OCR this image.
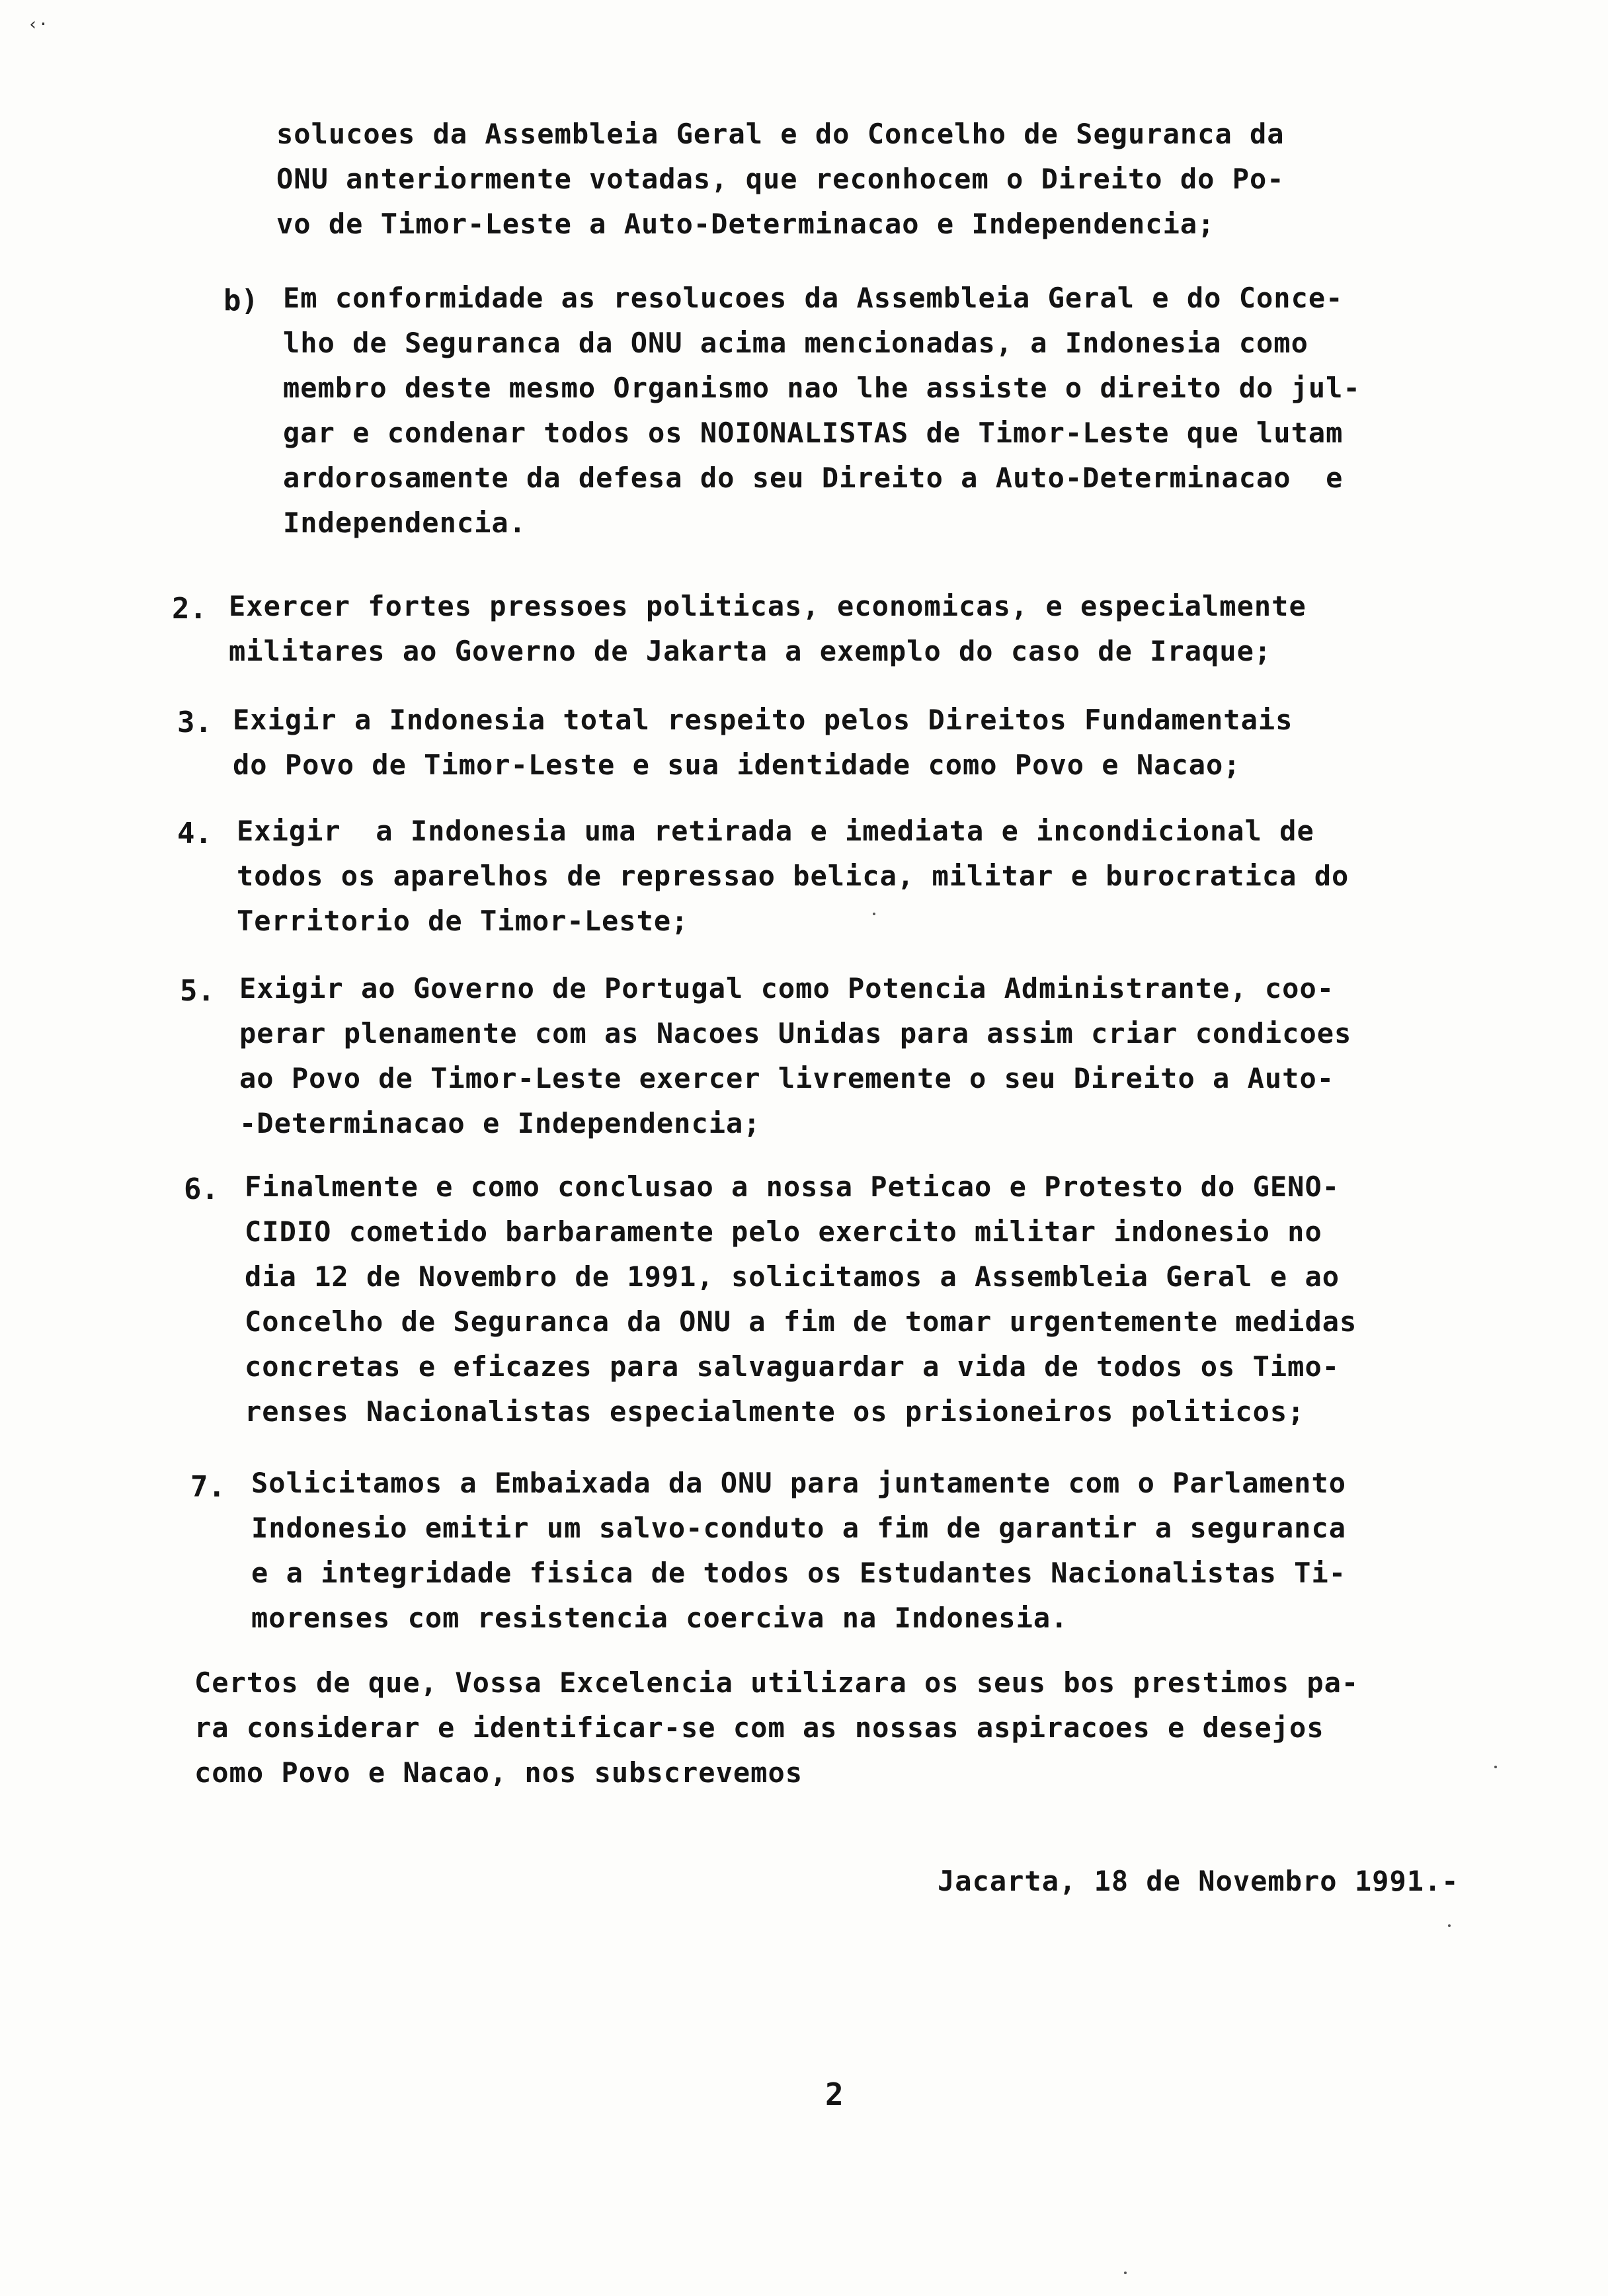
‹·
solucoes da Assembleia Geral e do Concelho de Seguranca da
ONU anteriormente votadas, que reconhocem o Direito do Po-
vo de Timor-Leste a Auto-Determinacao e Independencia;
b) Em conformidade as resolucoes da Assembleia Geral e do Conce-
lho de Seguranca da ONU acima mencionadas, a Indonesia como
membro deste mesmo Organismo nao lhe assiste o direito do jul-
gar e condenar todos os NOIONALISTAS de Timor-Leste que lutam
ardorosamente da defesa do seu Direito a Auto-Determinacao  e
Independencia.
2. Exercer fortes pressoes politicas, economicas, e especialmente
militares ao Governo de Jakarta a exemplo do caso de Iraque;
3. Exigir a Indonesia total respeito pelos Direitos Fundamentais
do Povo de Timor-Leste e sua identidade como Povo e Nacao;
4. Exigir  a Indonesia uma retirada e imediata e incondicional de
todos os aparelhos de repressao belica, militar e burocratica do
Territorio de Timor-Leste;
5. Exigir ao Governo de Portugal como Potencia Administrante, coo-
perar plenamente com as Nacoes Unidas para assim criar condicoes
ao Povo de Timor-Leste exercer livremente o seu Direito a Auto-
-Determinacao e Independencia;
6. Finalmente e como conclusao a nossa Peticao e Protesto do GENO-
CIDIO cometido barbaramente pelo exercito militar indonesio no
dia 12 de Novembro de 1991, solicitamos a Assembleia Geral e ao
Concelho de Seguranca da ONU a fim de tomar urgentemente medidas
concretas e eficazes para salvaguardar a vida de todos os Timo-
renses Nacionalistas especialmente os prisioneiros politicos;
7. Solicitamos a Embaixada da ONU para juntamente com o Parlamento
Indonesio emitir um salvo-conduto a fim de garantir a seguranca
e a integridade fisica de todos os Estudantes Nacionalistas Ti-
morenses com resistencia coerciva na Indonesia.
Certos de que, Vossa Excelencia utilizara os seus bos prestimos pa-
ra considerar e identificar-se com as nossas aspiracoes e desejos
como Povo e Nacao, nos subscrevemos
Jacarta, 18 de Novembro 1991.-
2
